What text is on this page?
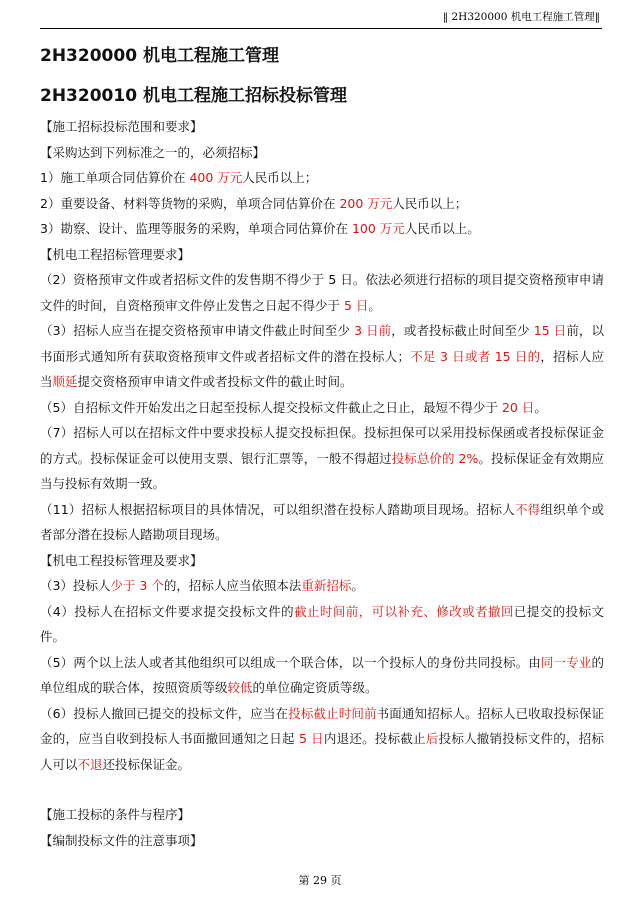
‖ 2H320000 机电工程施工管理‖
2H320000 机电工程施工管理
2H320010 机电工程施工招标投标管理

【施工招标投标范围和要求】

【采购达到下列标准之一的，必须招标】

1）施工单项合同估算价在 400 万元人民币以上；

2）重要设备、材料等货物的采购，单项合同估算价在 200 万元人民币以上；

3）勘察、设计、监理等服务的采购，单项合同估算价在 100 万元人民币以上。

【机电工程招标管理要求】

（2）资格预审文件或者招标文件的发售期不得少于 5 日。依法必须进行招标的项目提交资格预审申请文件的时间，自资格预审文件停止发售之日起不得少于 5 日。

（3）招标人应当在提交资格预审申请文件截止时间至少 3 日前，或者投标截止时间至少 15 日前，以书面形式通知所有获取资格预审文件或者招标文件的潜在投标人；不足 3 日或者 15 日的，招标人应当顺延提交资格预审申请文件或者投标文件的截止时间。

（5）自招标文件开始发出之日起至投标人提交投标文件截止之日止，最短不得少于 20 日。

（7）招标人可以在招标文件中要求投标人提交投标担保。投标担保可以采用投标保函或者投标保证金的方式。投标保证金可以使用支票、银行汇票等，一般不得超过投标总价的 2%。投标保证金有效期应当与投标有效期一致。

（11）招标人根据招标项目的具体情况，可以组织潜在投标人踏勘项目现场。招标人不得组织单个或者部分潜在投标人踏勘项目现场。

【机电工程投标管理及要求】

（3）投标人少于 3 个的，招标人应当依照本法重新招标。

（4）投标人在招标文件要求提交投标文件的截止时间前，可以补充、修改或者撤回已提交的投标文件。

（5）两个以上法人或者其他组织可以组成一个联合体，以一个投标人的身份共同投标。由同一专业的单位组成的联合体，按照资质等级较低的单位确定资质等级。

（6）投标人撤回已提交的投标文件，应当在投标截止时间前书面通知招标人。招标人已收取投标保证金的，应当自收到投标人书面撤回通知之日起 5 日内退还。投标截止后投标人撤销投标文件的，招标人可以不退还投标保证金。

【施工投标的条件与程序】

【编制投标文件的注意事项】

第 29 页
